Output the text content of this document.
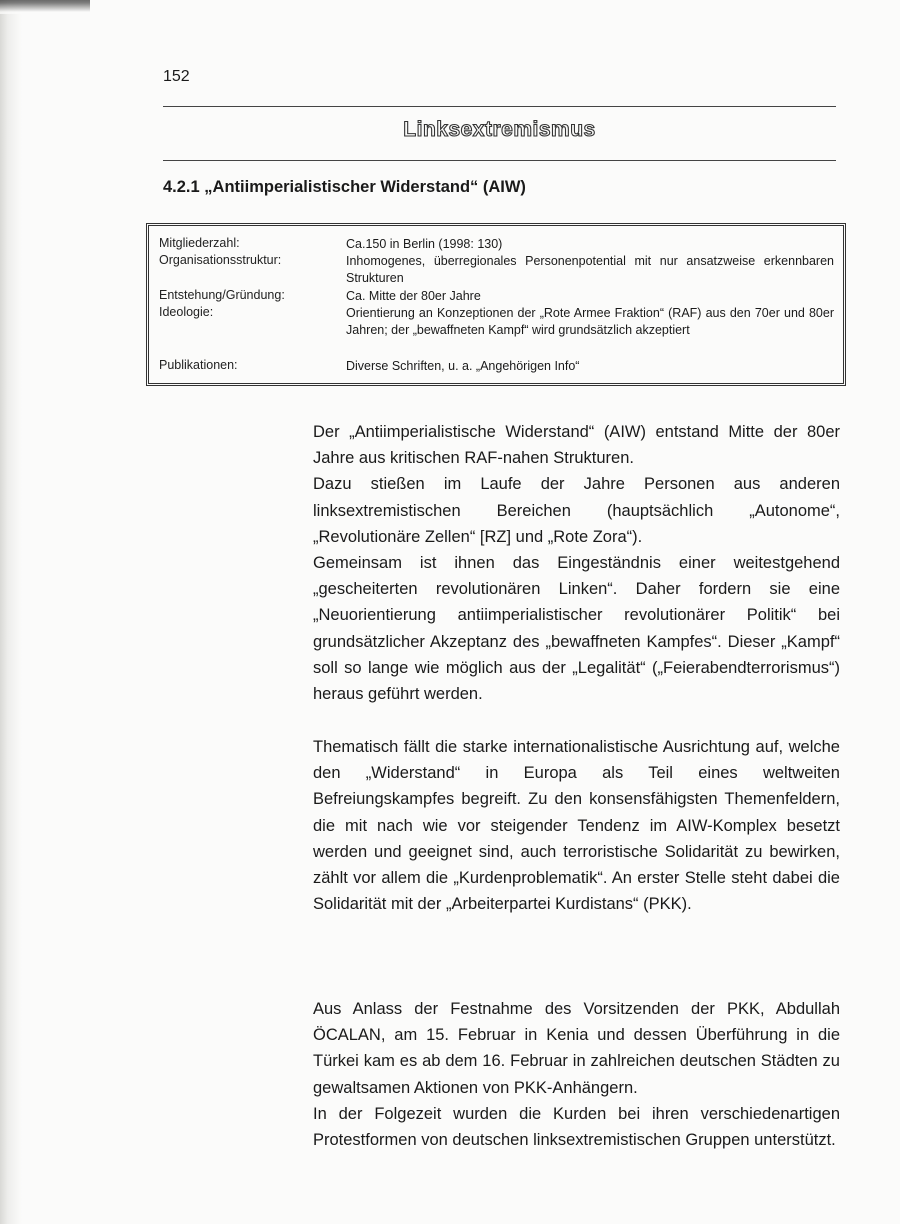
152
Linksextremismus
4.2.1 „Antiimperialistischer Widerstand“ (AIW)
Mitgliederzahl:	Ca.150 in Berlin (1998: 130)
Organisationsstruktur:	Inhomogenes, überregionales Personenpotential mit nur ansatzweise erkennbaren Strukturen
Entstehung/Gründung:	Ca. Mitte der 80er Jahre
Ideologie:	Orientierung an Konzeptionen der „Rote Armee Fraktion“ (RAF) aus den 70er und 80er Jahren; der „bewaffneten Kampf“ wird grundsätzlich akzeptiert
Publikationen:	Diverse Schriften, u. a. „Angehörigen Info“

Der „Antiimperialistische Widerstand“ (AIW) entstand Mitte der 80er Jahre aus kritischen RAF-nahen Strukturen.

Dazu stießen im Laufe der Jahre Personen aus anderen linksextremistischen Bereichen (hauptsächlich „Autonome“, „Revolutionäre Zellen“ [RZ] und „Rote Zora“).

Gemeinsam ist ihnen das Eingeständnis einer weitestgehend „gescheiterten revolutionären Linken“. Daher fordern sie eine „Neuorientierung antiimperialistischer revolutionärer Politik“ bei grundsätzlicher Akzeptanz des „bewaffneten Kampfes“. Dieser „Kampf“ soll so lange wie möglich aus der „Legalität“ („Feierabendterrorismus“) heraus geführt werden.

Thematisch fällt die starke internationalistische Ausrichtung auf, welche den „Widerstand“ in Europa als Teil eines weltweiten Befreiungskampfes begreift. Zu den konsensfähigsten Themenfeldern, die mit nach wie vor steigender Tendenz im AIW-Komplex besetzt werden und geeignet sind, auch terroristische Solidarität zu bewirken, zählt vor allem die „Kurdenproblematik“. An erster Stelle steht dabei die Solidarität mit der „Arbeiterpartei Kurdistans“ (PKK).

Aus Anlass der Festnahme des Vorsitzenden der PKK, Abdullah ÖCALAN, am 15. Februar in Kenia und dessen Überführung in die Türkei kam es ab dem 16. Februar in zahlreichen deutschen Städten zu gewaltsamen Aktionen von PKK-Anhängern.

In der Folgezeit wurden die Kurden bei ihren verschiedenartigen Protestformen von deutschen linksextremistischen Gruppen unterstützt.
